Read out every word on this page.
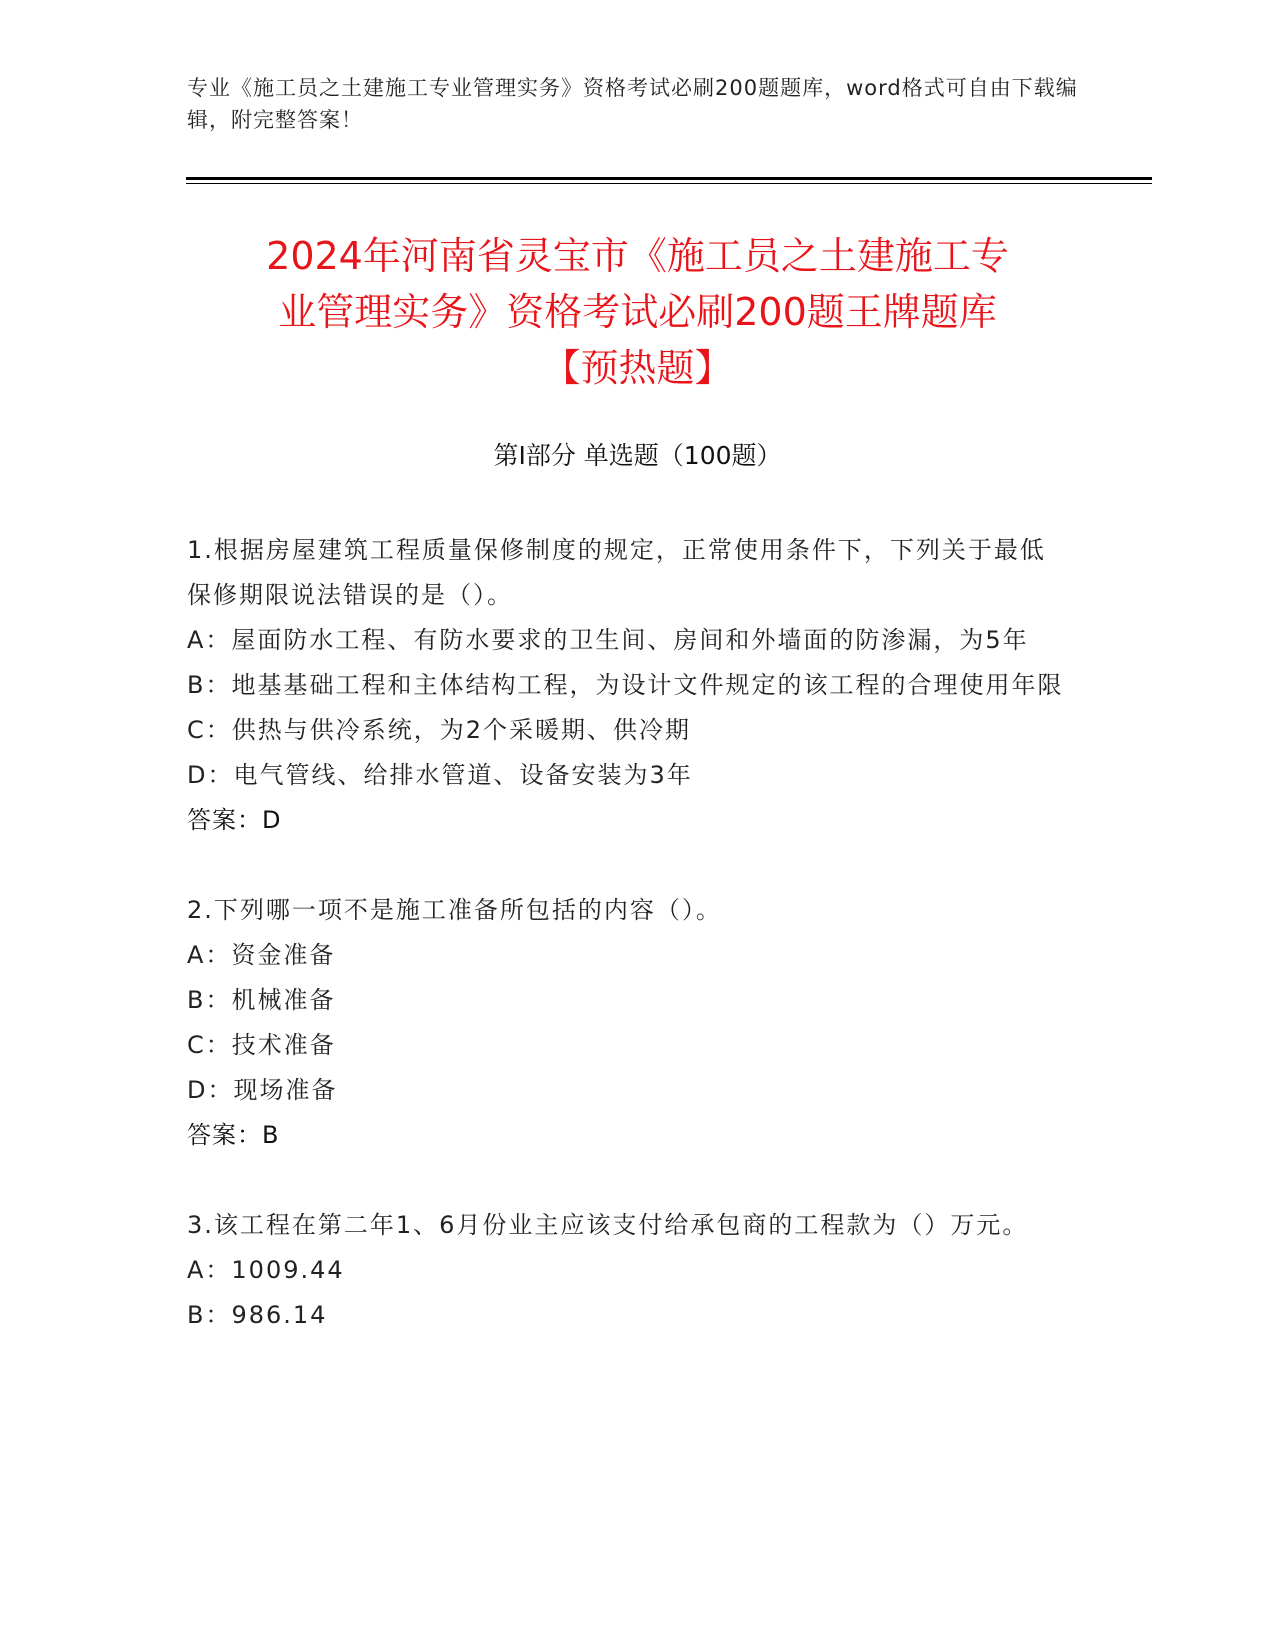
专业《施工员之土建施工专业管理实务》资格考试必刷200题题库，word格式可自由下载编辑，附完整答案！
2024年河南省灵宝市《施工员之土建施工专
业管理实务》资格考试必刷200题王牌题库
【预热题】
第I部分 单选题（100题）
1.根据房屋建筑工程质量保修制度的规定，正常使用条件下，下列关于最低保修期限说法错误的是（）。
A：屋面防水工程、有防水要求的卫生间、房间和外墙面的防渗漏，为5年
B：地基基础工程和主体结构工程，为设计文件规定的该工程的合理使用年限
C：供热与供冷系统，为2个采暖期、供冷期
D：电气管线、给排水管道、设备安装为3年
答案：D
2.下列哪一项不是施工准备所包括的内容（）。
A：资金准备
B：机械准备
C：技术准备
D：现场准备
答案：B
3.该工程在第二年1、6月份业主应该支付给承包商的工程款为（）万元。
A：1009.44
B：986.14
